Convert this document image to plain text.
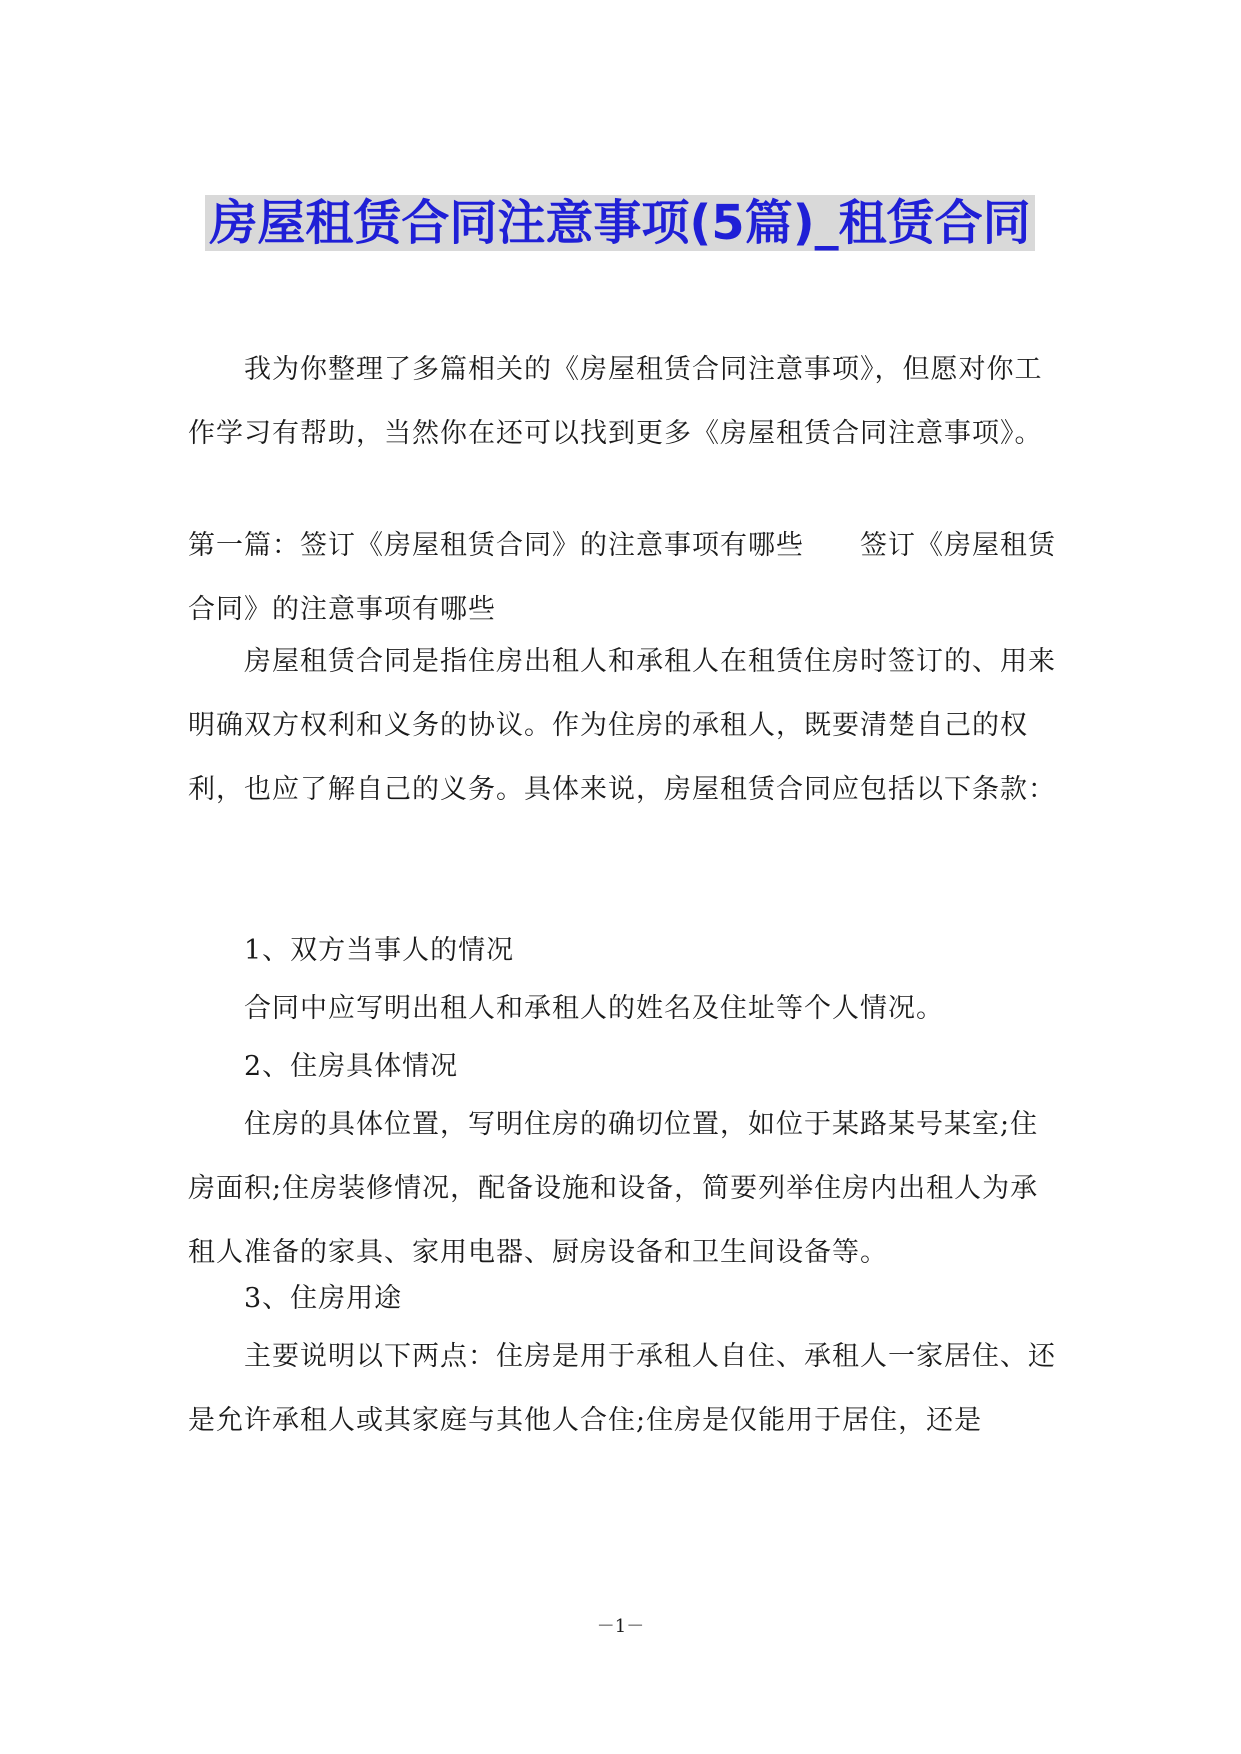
房屋租赁合同注意事项(5篇)_租赁合同

我为你整理了多篇相关的《房屋租赁合同注意事项》，但愿对你工作学习有帮助，当然你在还可以找到更多《房屋租赁合同注意事项》。

第一篇：签订《房屋租赁合同》的注意事项有哪些　　签订《房屋租赁合同》的注意事项有哪些

房屋租赁合同是指住房出租人和承租人在租赁住房时签订的、用来明确双方权利和义务的协议。作为住房的承租人，既要清楚自己的权利，也应了解自己的义务。具体来说，房屋租赁合同应包括以下条款：

1、双方当事人的情况

合同中应写明出租人和承租人的姓名及住址等个人情况。

2、住房具体情况

住房的具体位置，写明住房的确切位置，如位于某路某号某室;住房面积;住房装修情况，配备设施和设备，简要列举住房内出租人为承租人准备的家具、家用电器、厨房设备和卫生间设备等。

3、住房用途

主要说明以下两点：住房是用于承租人自住、承租人一家居住、还是允许承租人或其家庭与其他人合住;住房是仅能用于居住，还是

－1－
